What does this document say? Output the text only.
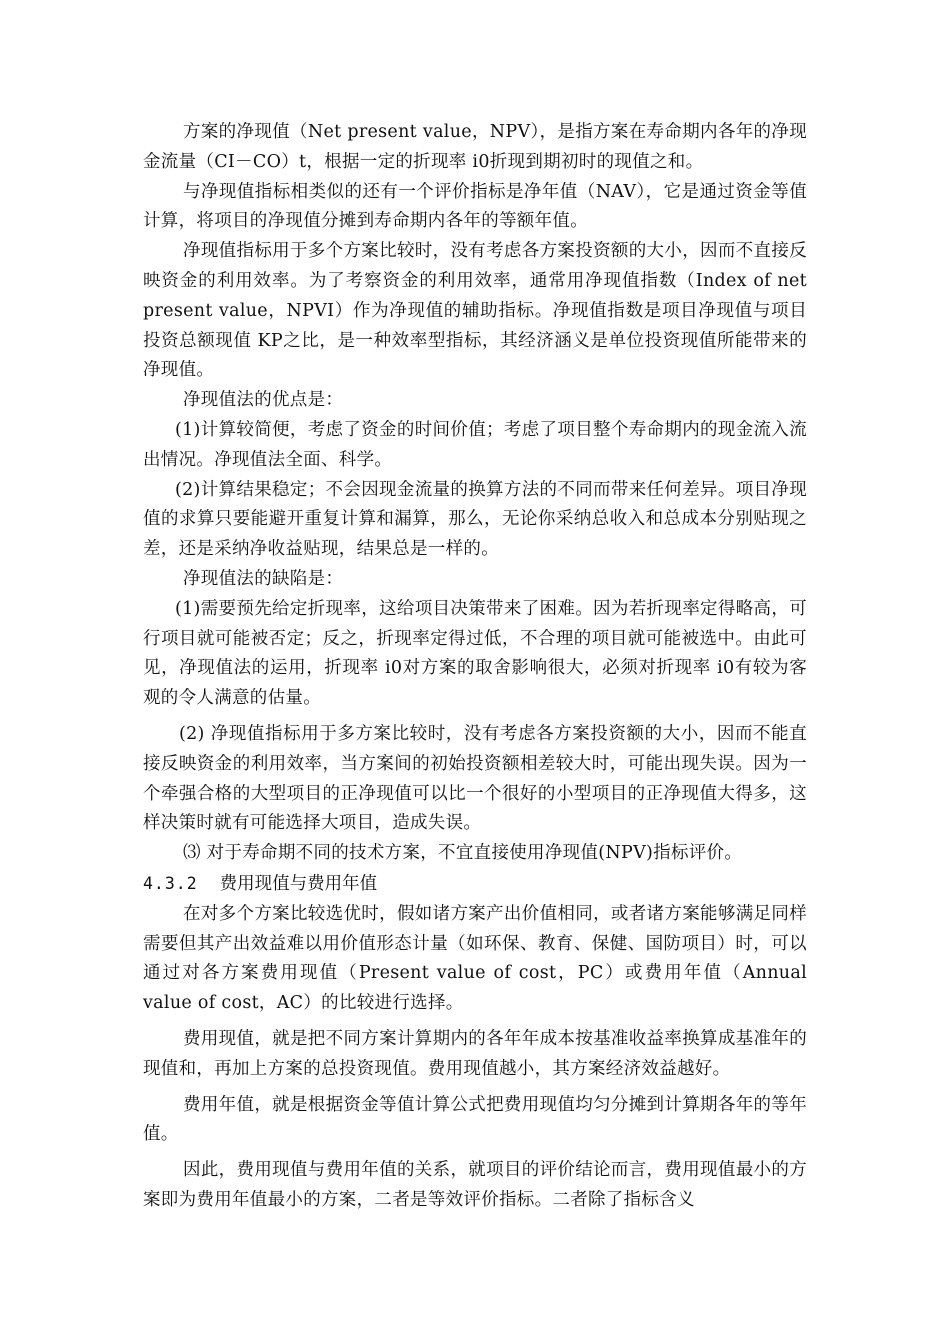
方案的净现值（Net present value，NPV），是指方案在寿命期内各年的净现金流量（CI－CO）t，根据一定的折现率 i0折现到期初时的现值之和。

与净现值指标相类似的还有一个评价指标是净年值（NAV），它是通过资金等值计算，将项目的净现值分摊到寿命期内各年的等额年值。

净现值指标用于多个方案比较时，没有考虑各方案投资额的大小，因而不直接反映资金的利用效率。为了考察资金的利用效率，通常用净现值指数（Index of net present value，NPVI）作为净现值的辅助指标。净现值指数是项目净现值与项目投资总额现值 KP之比，是一种效率型指标，其经济涵义是单位投资现值所能带来的净现值。

净现值法的优点是：

(1)计算较简便，考虑了资金的时间价值；考虑了项目整个寿命期内的现金流入流出情况。净现值法全面、科学。

(2)计算结果稳定；不会因现金流量的换算方法的不同而带来任何差异。项目净现值的求算只要能避开重复计算和漏算，那么，无论你采纳总收入和总成本分别贴现之差，还是采纳净收益贴现，结果总是一样的。

净现值法的缺陷是：

(1)需要预先给定折现率，这给项目决策带来了困难。因为若折现率定得略高，可行项目就可能被否定；反之，折现率定得过低，不合理的项目就可能被选中。由此可见，净现值法的运用，折现率 i0对方案的取舍影响很大，必须对折现率 i0有较为客观的令人满意的估量。

(2) 净现值指标用于多方案比较时，没有考虑各方案投资额的大小，因而不能直接反映资金的利用效率，当方案间的初始投资额相差较大时，可能出现失误。因为一个牵强合格的大型项目的正净现值可以比一个很好的小型项目的正净现值大得多，这样决策时就有可能选择大项目，造成失误。

⑶ 对于寿命期不同的技术方案，不宜直接使用净现值(NPV)指标评价。

4.3.2 费用现值与费用年值

在对多个方案比较选优时，假如诸方案产出价值相同，或者诸方案能够满足同样需要但其产出效益难以用价值形态计量（如环保、教育、保健、国防项目）时，可以通过对各方案费用现值（Present value of cost，PC）或费用年值（Annual value of cost，AC）的比较进行选择。

费用现值，就是把不同方案计算期内的各年年成本按基准收益率换算成基准年的现值和，再加上方案的总投资现值。费用现值越小，其方案经济效益越好。

费用年值，就是根据资金等值计算公式把费用现值均匀分摊到计算期各年的等年值。

因此，费用现值与费用年值的关系，就项目的评价结论而言，费用现值最小的方案即为费用年值最小的方案，二者是等效评价指标。二者除了指标含义
